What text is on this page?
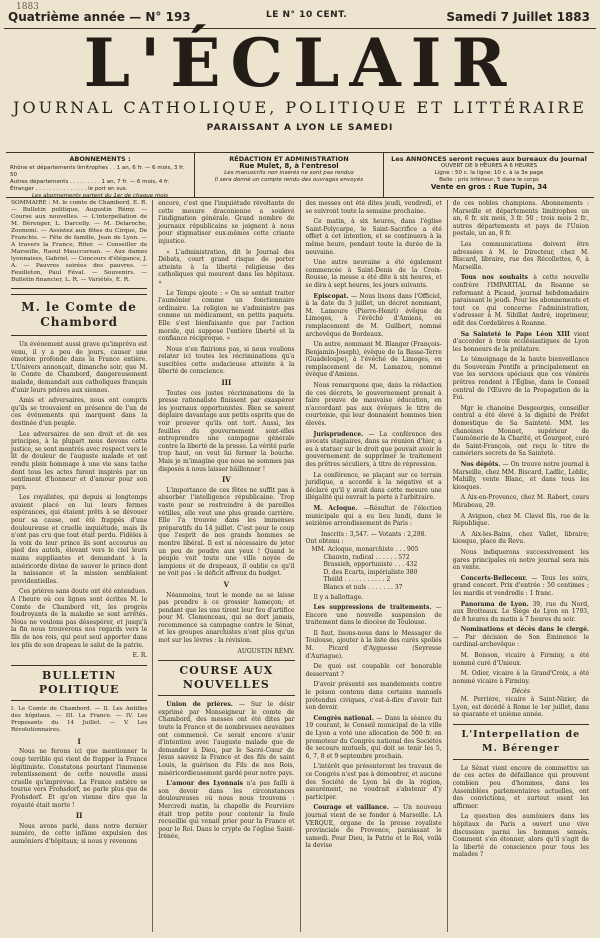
1883
Quatrième année — N° 193	LE N° 10 CENT.	Samedi 7 Juillet 1883
L'ÉCLAIR
JOURNAL CATHOLIQUE, POLITIQUE ET LITTÉRAIRE
PARAISSANT A LYON LE SAMEDI
ABONNEMENTS :
Rhône et départements limitrophes . . 1 an, 6 fr. — 6 mois, 3 fr. 50
Autres départements . . . . . . . . . 1 an, 7 fr. — 6 mois, 4 fr.
Étranger . . . . . . . . . . . . . . . le port en sus.
Les abonnements partent du 1er de chaque mois
RÉDACTION ET ADMINISTRATION
Rue Mulet, 8, à l'entresol
Les manuscrits non insérés ne sont pas rendus
Il sera donné un compte rendu des ouvrages envoyés
Les ANNONCES seront reçues aux bureaux du Journal
OUVERT DE 9 HEURES A 6 HEURES
Ligne : 50 c. la ligne; 10 c. à la 3e page
Belle : prix inférieur, 5 dans le corps
Vente en gros : Rue Tupin, 34
SOMMAIRE : M. le comte de Chambord, E. R. — Bulletin politique, Augustin Rémy. — Course aux nouvelles. — L'interpellation de M. Bérenger, L. Darcelly. — M. Delaroche, Zoonemi. — Assistez aux fêtes du Cirque, De Franchis. — Fête de famille, Jean de Lyon. — A travers la France, Ritor. — Conseiller de Marseille, Raoul Mauccurean. — Aux dames lyonnaises, Gabriel. — Concours d'élégance, J. A. — Pauvres soirées des pauvres. — Feuilleton, Paul Féval. — Souvenirs. — Bulletin financier, L. R. — Variétés, E. R.
M. le Comte de Chambord

Un événement aussi grave qu'imprévu est venu, il y a peu de jours, causer une émotion profonde dans la France entière. L'Univers annonçait, dimanche soir, que M. le Comte de Chambord, dangereusement malade, demandait aux catholiques français d'unir leurs prières aux siennes.

Amis et adversaires, nous ont compris qu'ils se trouvaient en présence de l'un de ces événements qui marquent dans la destinée d'un peuple.

Les adversaires de son droit et de ses principes, à la plupart nous devons cette justice, se sont montrés avec respect vers le lit de douleur de l'auguste malade et ont rendu plein hommage à une vie sans tache dont tous les actes furent inspirés par un sentiment d'honneur et d'amour pour son pays.

Les royalistes, qui depuis si longtemps avaient placé en lui leurs fermes espérances, qui étaient prêts à se dévouer pour sa cause, ont été frappés d'une douloureuse et cruelle inquiétude, mais ils n'ont pas cru que tout était perdu. Fidèles à la voix de leur prince ils sont accourus au pied des autels, élevant vers le ciel leurs mains suppliantes et demandant à la miséricorde divine de sauver le prince dont la naissance et la mission semblaient providentielles.

Ces prières sans doute ont été entendues. A l'heure où ces lignes sont écrites M. le Comte de Chambord vit, les progrès foudroyants de la maladie se sont arrêtés. Nous ne voulons pas désespérer, et jusqu'à la fin nous trouverons nos regards vers le fils de nos rois, qui peut seul apporter dans les plis de son drapeau le salut de la patrie.

E. R.
BULLETIN POLITIQUE
I. Le Comte de Chambord. — II. Les Antilles des hôpitaux. — III. La France. — IV. Les Proposants du 14 Juillet. — V. Les Révolutionnaires.
I

Nous ne ferons ici que mentionner le coup terrible qui vient de frapper la France légitimiste. Constatons pourtant l'immense retentissement de cette nouvelle aussi cruelle qu'imprévue. La France entière se tourne vers Frohsdorf, ne parle plus que de Frohsdorf. Et qu'on vienne dire que la royauté était morte !

II

Nous avons parlé, dans notre dernier numéro, de cette infâme expulsion des aumôniers d'hôpitaux; si nous y revenons

encore, c'est que l'inquiétude révoltante de cette mesure draconienne a soulevé l'indignation générale. Grand nombre de journaux républicains se joignent à nous pour stigmatiser eux-mêmes cette criante injustice.

« L'administration, dit le Journal des Débats, court grand risque de porter atteinte à la liberté religieuse des catholiques qui meurent dans les hôpitaux. »

Le Temps ajoute : « On se sentait traiter l'aumônier comme un fonctionnaire ordinaire. La religion ne s'administre pas comme un médicament, en petits paquets. Elle s'est bienfaisante que par l'action morale, qui suppose l'entière liberté et la confiance réciproque. »

Nous n'en finirions pas, si nous voulions relater ici toutes les récriminations qu'a suscitées cette audacieuse atteinte à la liberté de conscience.

III

Toutes ces justes récriminations de la presse rationaliste finissent par exaspérer les journaux opportunistes. Bien se savent déplaire davantage aux petits esprits que de voir prouver qu'ils ont tort. Aussi, les feuilles du gouvernement sont-elles entreprendre une campagne générale contre la liberté de la presse. La vérité parle trop haut, on veut lui fermer la bouche. Mais je m'imagine que nous ne sommes pas disposés à nous laisser bâillonner !

IV

L'importance de ces fêtes ne suffit pas à absorber l'intelligence républicaine. Trop vaste pour se restreindre à de pareilles vétilles, elle veut une plus grande carrière. Elle l'a trouvée dans les immenses préparatifs du 14 juillet. C'est pour le coup que l'esprit de nos grands hommes se montre libéral. Il est si nécessaire de jeter un peu de poudre aux yeux ! Quand le peuple voit toute une ville noyée de lampions et de drapeaux, il oublie ce qu'il ne voit pas : le déficit affreux du budget.

V

Néanmoins, tout le monde ne se laisse pas prendre à ce grossier hameçon; et pendant que les uns tirent leur feu d'artifice pour M. Clemenceau, qui ne dort jamais, recommence sa campagne contre le Sénat, et les groupes anarchistes n'ont plus qu'un mot sur les lèvres : la révision.

AUGUSTIN RÉMY.
COURSE AUX NOUVELLES

Union de prières. — Sur le désir exprimé par Monseigneur le comte de Chambord, des messes ont été dites par toute la France et de nombreuses neuvaines ont commencé. Ce serait encore s'unir d'intention avec l'auguste malade que de demander à Dieu, par le Sacré-Cœur de Jésus sauvez la France et des fils de saint Louis, la guérison du Fils de nos Rois, miséricordieusement gardé pour notre pays.

L'amour des Lyonnais n'a pas failli à son devoir dans les circonstances douloureuses où nous nous trouvons : Mercredi matin, la chapelle de Fourvière était trop petite pour contenir la foule recueillie qui venait prier pour la France et pour le Roi. Dans le crypte de l'église Saint-Irénée,

des messes ont été dites jeudi, vendredi, et se suivront toute la semaine prochaine.

Ce matin, à six heures, dans l'église Saint-Polycarpe, le Saint-Sacrifice a été offert à cet intention, et se continuera à la même heure, pendant toute la durée de la neuvaine.

Une autre neuvaine a été également commencée à Saint-Denis de la Croix-Rousse, la messe a été dite à six heures, et se dira à sept heures, les jours suivants.

Episcopat. — Nous lisons dans l'Officiel, à la date du 3 juillet, un décret nommant, M. Lamoure (Pierre-Henri) évêque de Limoges, à l'évêché d'Amiens, en remplacement de M. Guilbert, nommé archevêque de Bordeaux.

Un autre, nommant M. Blanger (François-Benjamin-Joseph), évêque de la Basse-Terre (Guadeloupe), à l'évêché de Limoges, en remplacement de M. Lamazou, nommé évêque d'Amiens.

Nous remarquons que, dans la rédaction de ces décrets, le gouvernement prenait à faire preuve de mauvaise éducation, en n'accordant pas aux évêques le titre de courtoisie, qui leur donnaient hommes bien élevés.

Jurisprudence. — La conférence des avocats stagiaires, dans sa réunion d'hier, a eu à statuer sur le droit que pouvait avoir le gouvernement de supprimer le traitement des prêtres séculiers, à titre de répression.

La conférence, se plaçant sur ce terrain juridique, a accordé à la négative et a déclaré qu'il y avait dans cette mesure une illégalité qui ouvrait la porte à l'arbitraire.

M. Acloque. —Résultat de l'élection municipale qui a eu lieu lundi, dans le seizième arrondissement de Paris :

Inscrits : 3,547. — Votants : 2,298.
Ont obtenu :
MM. Acloque, monarchiste . . . 905
Chauvin, radical . . . . . . 572
Brassieh, opportuniste . . . 432
D. des Ecarts, impérialiste 380
Théild . . . . . . . . . . . 2
Blancs et nuls . . . . . . . 37

Il y a ballottage.

Les suppressions de traitements. — Encore une nouvelle suspension de traitement dans le diocèse de Toulouse.

Il faut, lisons-nous dans le Messager de Toulouse, ajouter à la liste des curés spoliés M. Picard d'Ayguesse (Seyresse d'Auriague).

De quoi est coupable cet honorable desservant ?

D'avoir présenté ses mandements contre le poison contenu dans certains manuels prétendus civiques, c'est-à-dire d'avoir fait son devoir.

Congrès national. — Dans la séance du 19 courant, le Conseil municipal de la ville de Lyon a voté une allocation de 500 fr. en promoteur du Congrès national des Sociétés de secours mutuels, qui doit se tenir les 5, 6, 7, 8 et 9 septembre prochain.

L'intérêt que présenteront les travaux de ce Congrès n'est pas à démontrer, et aucune des Société de Lyon bâ de la région, assurément, ne voudrait s'abstenir d'y participer.

Courage et vaillance. — Un nouveau journal vient de se fonder à Marseille. LA VERQUE, organe de la presse royaliste provinciale de Provence, paraissant le samedi. Pour Dieu, la Patrie et le Roi, voilà la devise

de ces nobles champions. Abonnements : Marseille et départements limitrophes un an, 6 fr. six mois, 3 fr. 50 ; trois mois 2 fr., autres départements et pays de l'Union postale, un an, 8 fr.

Les communications doivent être adressées à M. le Directeur, chez M. Biscard, libraire, rue des Récollettes, 6, à Marseille.

Tous nos souhaits à cette nouvelle confrère l'IMPARTIAL de Roanne se reformant à Picaud, journal hebdomadaire paraissant le jeudi. Pour les abonnements et tout ce qui concerne l'administration, s'adresser à M. Sibillat André, imprimeur, edit des Cordelières à Roanne.

Sa Sainteté le Pape Léon XIII vient d'accorder à trois ecclésiastiques de Lyon les honneurs de la prélature.

Le témoignage de la haute bienveillance du Souverain Pontife a principalement en vue les services spéciaux que ces vénérés prêtres rendent à l'Église, dans le Conseil central de l'Œuvre de la Propagation de la Foi.

Mgr le chanoine Desgeorges, conseiller central a été élevé à la dignité de Préfet domestique de Sa Sainteté. MM. les chanoines Monnet, supérieur de l'aumônerie de la Charité, et Gourgeot, curé de Saint-François, ont reçu le titre de camériers secrets de Sa Sainteté.

Nos dépôts. — On trouve notre journal à Marseille, chez MM. Biscard, Ladlic, Loblic, Mahilly, vente Blanc, et dans tous les kiosques.

A Aix-en-Provence, chez M. Rabert, cours Mirabeau, 29.

A Avignon, chez M. Clavel fils, rue de la République.

A Aix-les-Bains, chez Vallet, libraire; kiosque, place du Revu.

Nous indiquerons successivement les gares principales où notre journal sera mis en vente.

Concerts-Bellecour. — Tous les soirs, grand concert. Prix d'entrée : 50 centimes ; les mardis et vendredis : 1 franc.

Panorama de Lyon. 39, rue du Nord, aux Brotteaux. Le Siège de Lyon en 1793, de 8 heures du matin à 7 heures du soir.

Nominations et décès dans le clergé. — Par décision de Son Éminence le cardinal-archevêque :

M. Boisson, vicaire à Firminy, a été nommé curé d'Unieux.

M. Odier, vicaire à la Grand'Croix, a été nommé vicaire à Firminy.

Décès

M. Perrière, vicaire à Saint-Nizier, de Lyon, est décédé à Rome le 1er juillet, dans sa quarante et unième année.

L'Interpellation de M. Bérenger

Le Sénat vient encore de commettre un de ces actes de défaillance qui prouvent combien peu d'hommes, dans les Assemblées parlementaires actuelles, ont des convictions, et surtout osent les affirmer.

La question des aumôniers dans les hôpitaux de Paris a ouvert une vive discussion parmi les hommes sensés. Comment s'en étonner, alors qu'il s'agit de la liberté de conscience pour tous les malades ?
